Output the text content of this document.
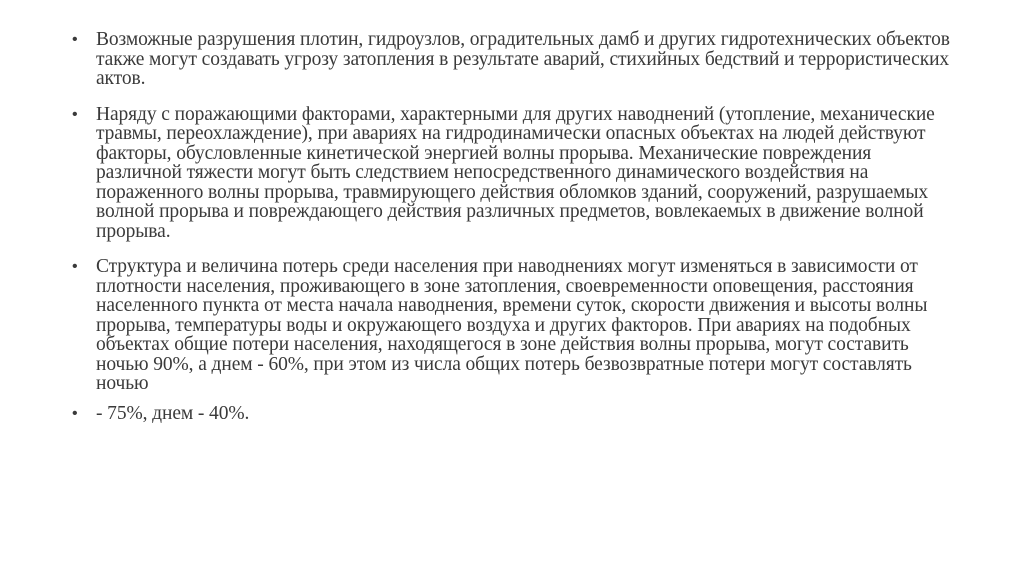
• Возможные разрушения плотин, гидроузлов, оградительных дамб и других гидротехнических объектов также могут создавать угрозу затопления в результате аварий, стихийных бедствий и террористических актов.
• Наряду с поражающими факторами, характерными для других наводнений (утопление, механические травмы, переохлаждение), при авариях на гидродинамически опасных объектах на людей действуют факторы, обусловленные кинетической энергией волны прорыва. Механические повреждения различной тяжести могут быть следствием непосредственного динамического воздействия на пораженного волны прорыва, травмирующего действия обломков зданий, сооружений, разрушаемых волной прорыва и повреждающего действия различных предметов, вовлекаемых в движение волной прорыва.
• Структура и величина потерь среди населения при наводнениях могут изменяться в зависимости от плотности населения, проживающего в зоне затопления, своевременности оповещения, расстояния населенного пункта от места начала наводнения, времени суток, скорости движения и высоты волны прорыва, температуры воды и окружающего воздуха и других факторов. При авариях на подобных объектах общие потери населения, находящегося в зоне действия волны прорыва, могут составить ночью 90%, а днем - 60%, при этом из числа общих потерь безвозвратные потери могут составлять ночью
• - 75%, днем - 40%.
